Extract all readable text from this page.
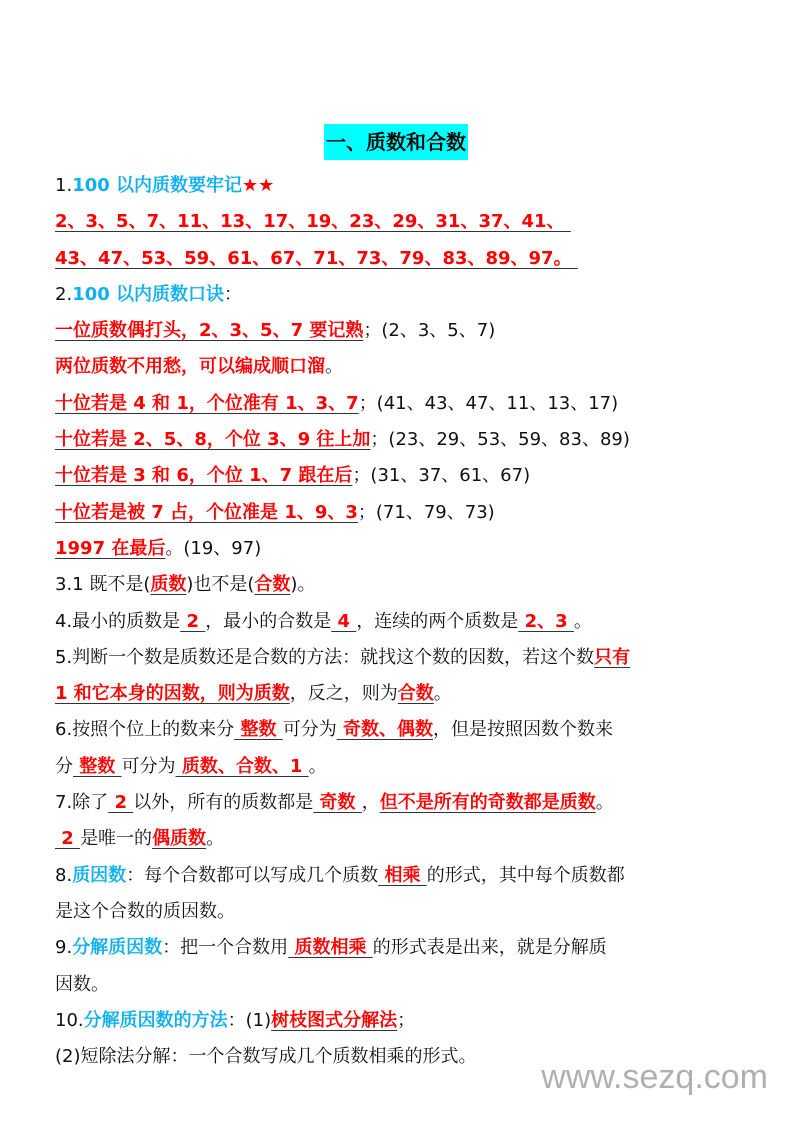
一、质数和合数
1.100 以内质数要牢记★★
2、3、5、7、11、13、17、19、23、29、31、37、41、
43、47、53、59、61、67、71、73、79、83、89、97。
2.100 以内质数口诀：
一位质数偶打头，2、3、5、7 要记熟；(2、3、5、7)
两位质数不用愁，可以编成顺口溜。
十位若是 4 和 1，个位准有 1、3、7；(41、43、47、11、13、17)
十位若是 2、5、8，个位 3、9 往上加；(23、29、53、59、83、89)
十位若是 3 和 6，个位 1、7 跟在后；(31、37、61、67)
十位若是被 7 占，个位准是 1、9、3；(71、79、73)
1997 在最后。(19、97)
3.1 既不是(质数)也不是(合数)。
4.最小的质数是 2 ，最小的合数是 4 ，连续的两个质数是 2、3 。
5.判断一个数是质数还是合数的方法：就找这个数的因数，若这个数只有
1 和它本身的因数，则为质数，反之，则为合数。
6.按照个位上的数来分 整数 可分为 奇数、偶数，但是按照因数个数来
分 整数 可分为 质数、合数、1 。
7.除了 2 以外，所有的质数都是 奇数 ，但不是所有的奇数都是质数。
2 是唯一的偶质数。
8.质因数：每个合数都可以写成几个质数 相乘 的形式，其中每个质数都
是这个合数的质因数。
9.分解质因数：把一个合数用 质数相乘 的形式表是出来，就是分解质
因数。
10.分解质因数的方法：(1)树枝图式分解法；
(2)短除法分解：一个合数写成几个质数相乘的形式。
www.sezq.com
